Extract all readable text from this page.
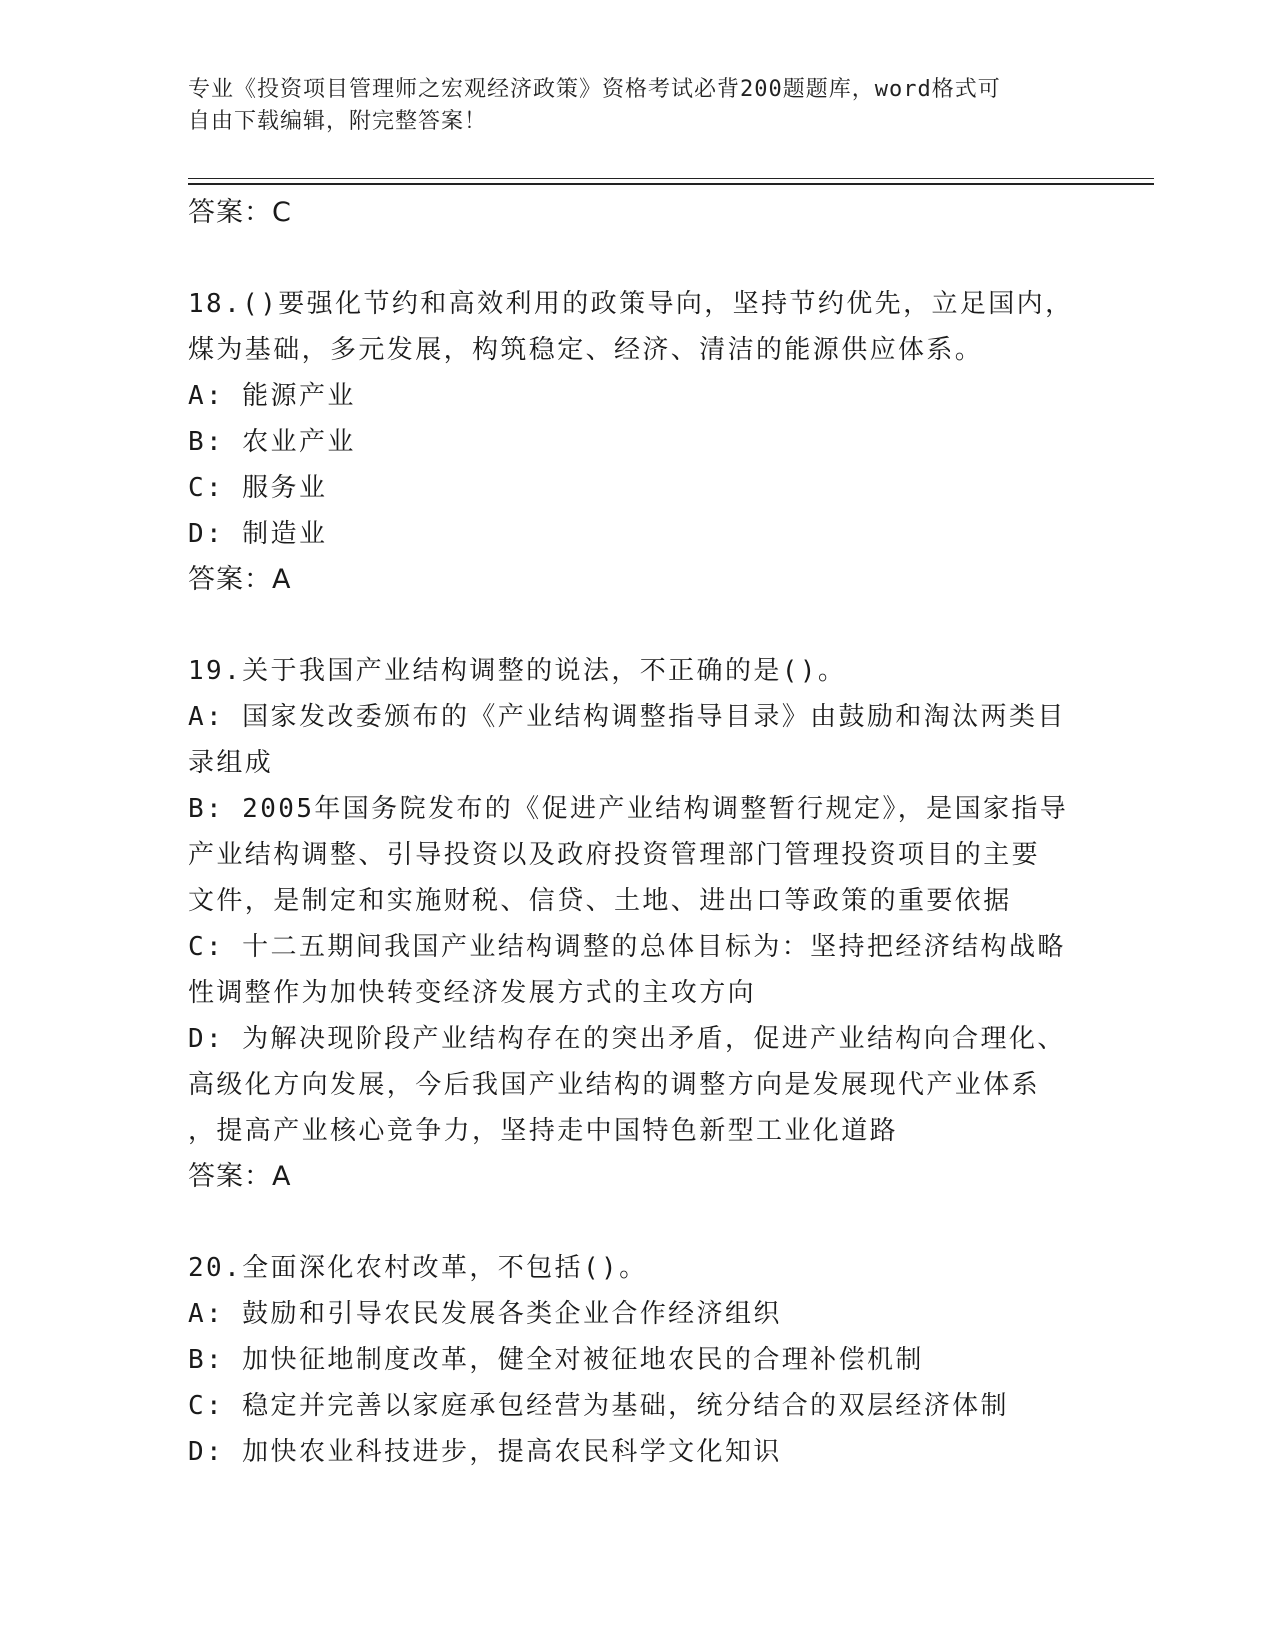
专业《投资项目管理师之宏观经济政策》资格考试必背200题题库，word格式可
自由下载编辑，附完整答案！
答案：C
18.()要强化节约和高效利用的政策导向，坚持节约优先，立足国内，
煤为基础，多元发展，构筑稳定、经济、清洁的能源供应体系。
A: 能源产业
B: 农业产业
C: 服务业
D: 制造业
答案：A
19.关于我国产业结构调整的说法，不正确的是()。
A: 国家发改委颁布的《产业结构调整指导目录》由鼓励和淘汰两类目
录组成
B: 2005年国务院发布的《促进产业结构调整暂行规定》，是国家指导
产业结构调整、引导投资以及政府投资管理部门管理投资项目的主要
文件，是制定和实施财税、信贷、土地、进出口等政策的重要依据
C: 十二五期间我国产业结构调整的总体目标为：坚持把经济结构战略
性调整作为加快转变经济发展方式的主攻方向
D: 为解决现阶段产业结构存在的突出矛盾，促进产业结构向合理化、
高级化方向发展，今后我国产业结构的调整方向是发展现代产业体系
，提高产业核心竞争力，坚持走中国特色新型工业化道路
答案：A
20.全面深化农村改革，不包括()。
A: 鼓励和引导农民发展各类企业合作经济组织
B: 加快征地制度改革，健全对被征地农民的合理补偿机制
C: 稳定并完善以家庭承包经营为基础，统分结合的双层经济体制
D: 加快农业科技进步，提高农民科学文化知识
